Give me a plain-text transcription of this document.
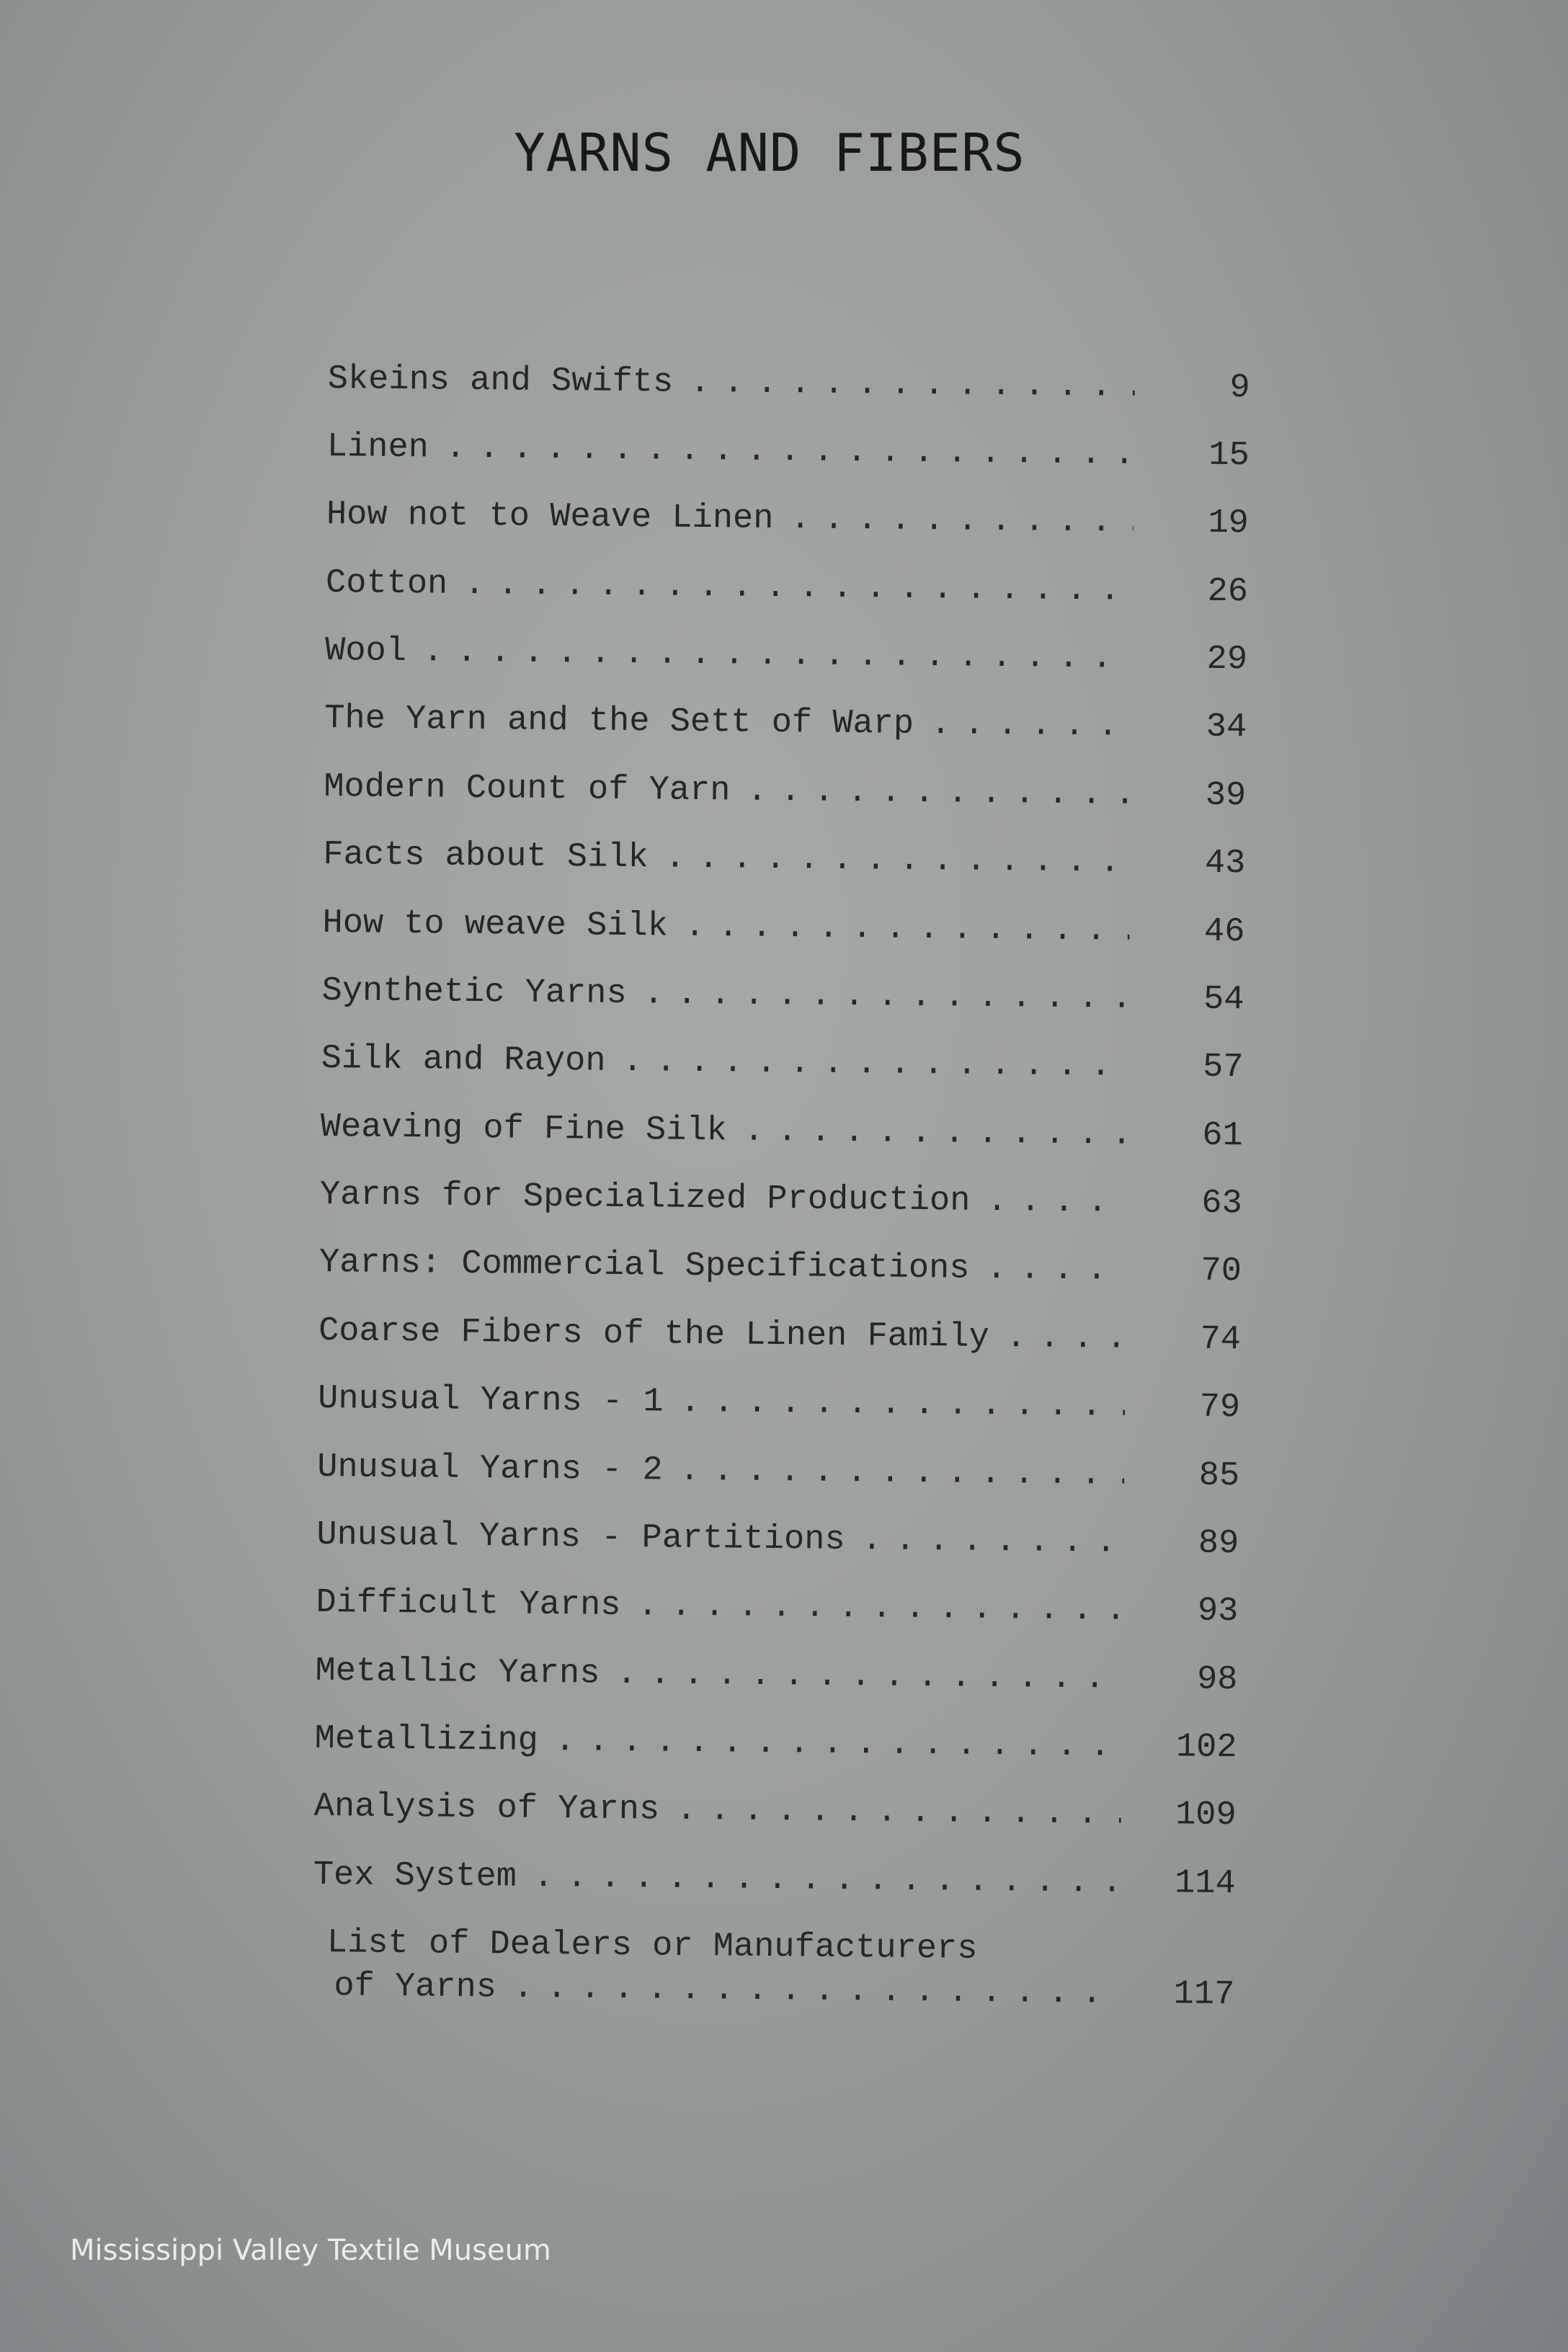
YARNS AND FIBERS
Skeins and Swifts . . .	9
Linen . . .	15
How not to Weave Linen . . .	19
Cotton . . .	26
Wool . . .	29
The Yarn and the Sett of Warp . . .	34
Modern Count of Yarn . . .	39
Facts about Silk . . .	43
How to weave Silk . . .	46
Synthetic Yarns . . .	54
Silk and Rayon . . .	57
Weaving of Fine Silk . . .	61
Yarns for Specialized Production . . .	63
Yarns: Commercial Specifications . . .	70
Coarse Fibers of the Linen Family . . .	74
Unusual Yarns - 1 . . .	79
Unusual Yarns - 2 . . .	85
Unusual Yarns - Partitions . . .	89
Difficult Yarns . . .	93
Metallic Yarns . . .	98
Metallizing . . .	102
Analysis of Yarns . . .	109
Tex System . . .	114
List of Dealers or Manufacturers
of Yarns . . .	117
Mississippi Valley Textile Museum
